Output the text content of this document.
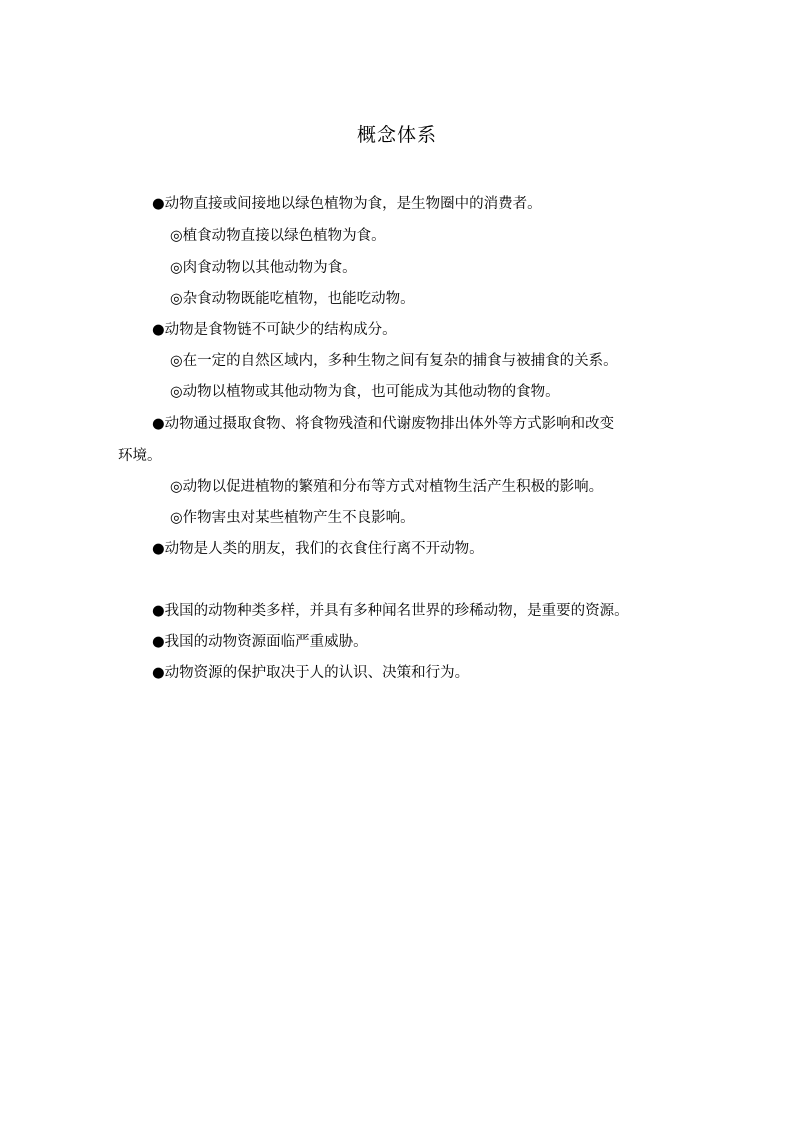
概念体系
●动物直接或间接地以绿色植物为食，是生物圈中的消费者。
◎植食动物直接以绿色植物为食。
◎肉食动物以其他动物为食。
◎杂食动物既能吃植物，也能吃动物。
●动物是食物链不可缺少的结构成分。
◎在一定的自然区域内，多种生物之间有复杂的捕食与被捕食的关系。
◎动物以植物或其他动物为食，也可能成为其他动物的食物。
●动物通过摄取食物、将食物残渣和代谢废物排出体外等方式影响和改变
环境。
◎动物以促进植物的繁殖和分布等方式对植物生活产生积极的影响。
◎作物害虫对某些植物产生不良影响。
●动物是人类的朋友，我们的衣食住行离不开动物。
●我国的动物种类多样，并具有多种闻名世界的珍稀动物，是重要的资源。
●我国的动物资源面临严重威胁。
●动物资源的保护取决于人的认识、决策和行为。
